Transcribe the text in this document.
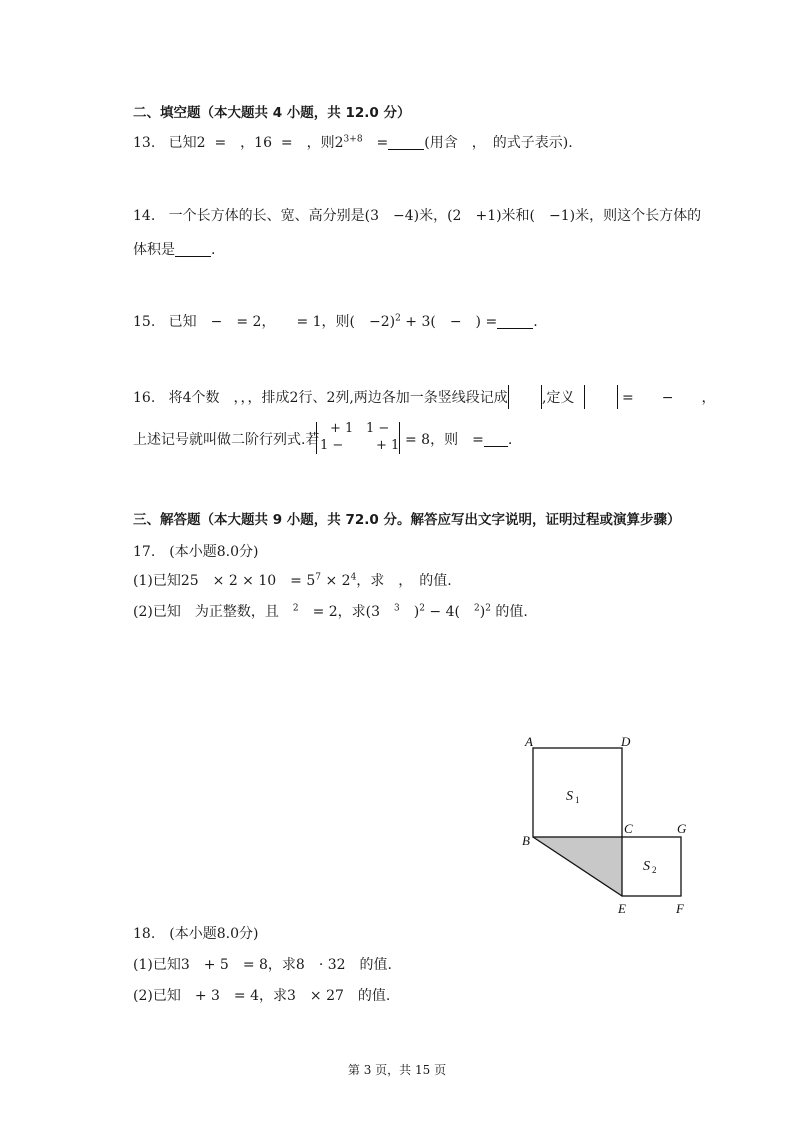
二、填空题（本大题共 4 小题，共 12.0 分）
13. 已知2 =　，16 =　，则$2^{3+8}$　=	(用含　，　的式子表示).
14. 一个长方体的长、宽、高分别是(3　−4)米，(2　+1)米和(　−1)米，则这个长方体的
体积是	.
15. 已知　−　= 2，　　= 1，则(　−2)$^2$ + 3(　−　) =	.
16. 将4个数　，，，排成2行、2列,两边各加一条竖线段记成 ,定义	=　　−　　，
上述记号就叫做二阶行列式.若
+ 1 1 −
1 −	+ 1 = 8，则　= .
三、解答题（本大题共 9 小题，共 72.0 分。解答应写出文字说明，证明过程或演算步骤）
17.　(本小题8.0分)
(1)已知25　× 2 × 10　= $5^7 \times 2^4$，求　，　的值.
(2)已知　为正整数，且　$^2$　= 2，求(3　$^3$　)$^2$ − 4(　$^2$)$^2$ 的值.
A	D
B
C	G
E	F
S 1
S 2
18.　(本小题8.0分)
(1)已知3　+ 5　= 8，求8　· 32　的值.
(2)已知　+ 3　= 4，求3　× 27　的值.
第 3 页，共 15 页
